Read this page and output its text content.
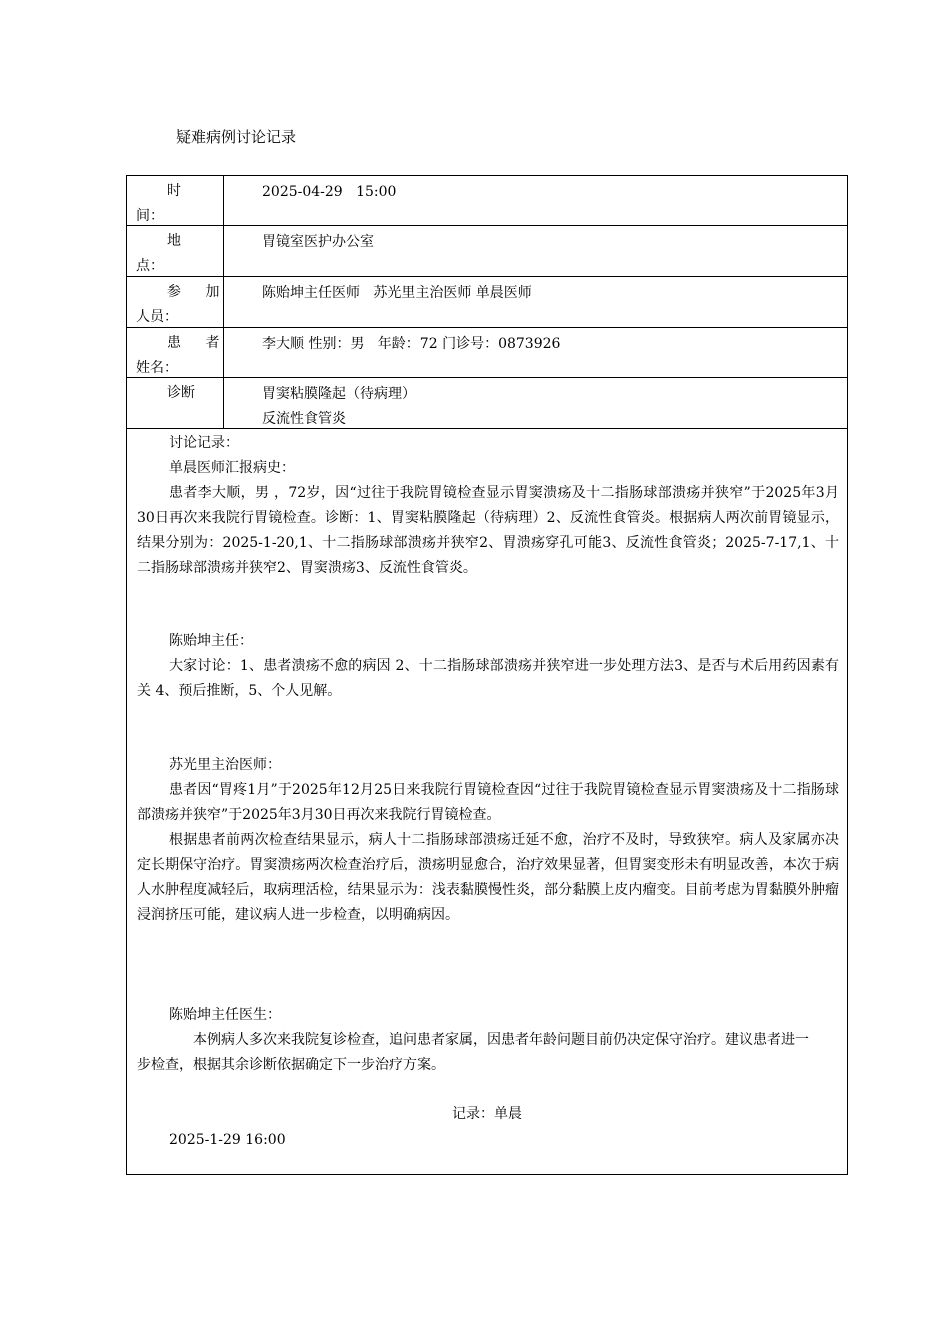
疑难病例讨论记录
时
间：
2025-04-29   15:00
地
点：
胃镜室医护办公室
参 加
人员：
陈贻坤主任医师   苏光里主治医师 单晨医师
患 者
姓名：
李大顺 性别：男   年龄：72 门诊号：0873926
诊断	胃窦粘膜隆起（待病理）
反流性食管炎
讨论记录：
单晨医师汇报病史：
患者李大顺，男 ，72岁，因“过往于我院胃镜检查显示胃窦溃疡及十二指肠球部溃疡并狭窄”于2025年3月30日再次来我院行胃镜检查。诊断：1、胃窦粘膜隆起（待病理）2、反流性食管炎。根据病人两次前胃镜显示，结果分别为：2025-1-20,1、十二指肠球部溃疡并狭窄2、胃溃疡穿孔可能3、反流性食管炎；2025-7-17,1、十二指肠球部溃疡并狭窄2、胃窦溃疡3、反流性食管炎。
陈贻坤主任：
大家讨论：1、患者溃疡不愈的病因 2、十二指肠球部溃疡并狭窄进一步处理方法3、是否与术后用药因素有关 4、预后推断，5、个人见解。
苏光里主治医师：
患者因“胃疼1月”于2025年12月25日来我院行胃镜检查因“过往于我院胃镜检查显示胃窦溃疡及十二指肠球部溃疡并狭窄”于2025年3月30日再次来我院行胃镜检查。
根据患者前两次检查结果显示，病人十二指肠球部溃疡迁延不愈，治疗不及时，导致狭窄。病人及家属亦决定长期保守治疗。胃窦溃疡两次检查治疗后，溃疡明显愈合，治疗效果显著，但胃窦变形未有明显改善，本次于病人水肿程度减轻后，取病理活检，结果显示为：浅表黏膜慢性炎，部分黏膜上皮内瘤变。目前考虑为胃黏膜外肿瘤浸润挤压可能，建议病人进一步检查，以明确病因。
陈贻坤主任医生：
本例病人多次来我院复诊检查，追问患者家属，因患者年龄问题目前仍决定保守治疗。建议患者进一步检查，根据其余诊断依据确定下一步治疗方案。
记录：单晨
2025-1-29 16:00
